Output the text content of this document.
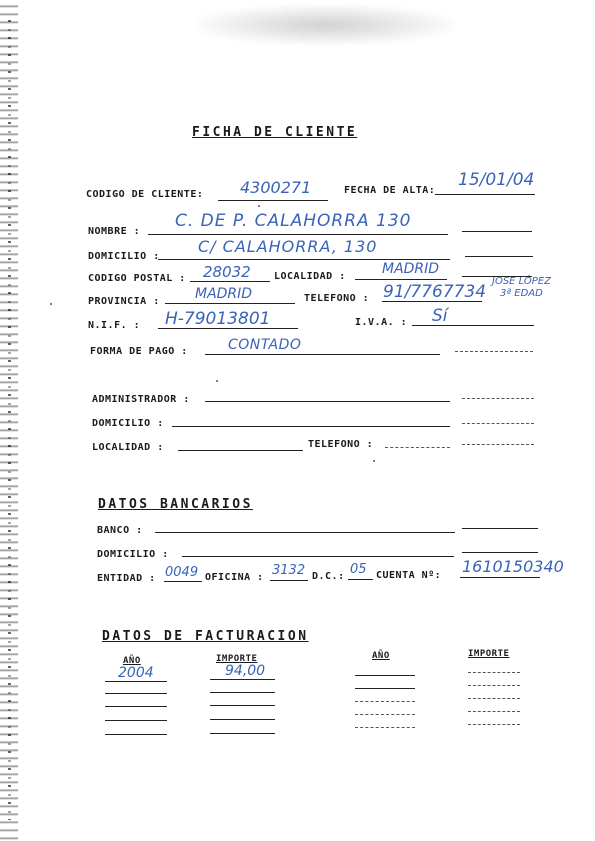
FICHA DE CLIENTE
CODIGO DE CLIENTE: 4300271	FECHA DE ALTA:
15/01/04
NOMBRE :
C. DE P. CALAHORRA 130
DOMICILIO :
C/ CALAHORRA, 130
CODIGO POSTAL : 28032 LOCALIDAD :	MADRID
PROVINCIA :	MADRID	TELEFONO : 91/7767734
JOSE LÓPEZ
3ª EDAD
N.I.F. : H-79013801	I.V.A. : Sí
FORMA DE PAGO :	CONTADO
ADMINISTRADOR :
DOMICILIO :
LOCALIDAD :	TELEFONO :
DATOS BANCARIOS
BANCO :
DOMICILIO :
ENTIDAD : 0049 OFICINA : 3132 D.C.: 05 CUENTA Nº: 1610150340
DATOS DE FACTURACION
AÑO	IMPORTE	AÑO	IMPORTE
2004	94,00
